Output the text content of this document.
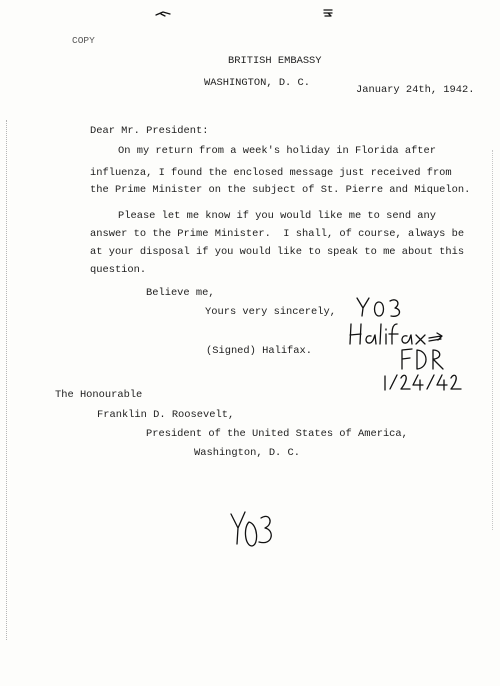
COPY
BRITISH EMBASSY
WASHINGTON, D. C.
January 24th, 1942.
Dear Mr. President:
On my return from a week's holiday in Florida after
influenza, I found the enclosed message just received from
the Prime Minister on the subject of St. Pierre and Miquelon.
Please let me know if you would like me to send any
answer to the Prime Minister.  I shall, of course, always be
at your disposal if you would like to speak to me about this
question.
Believe me,
Yours very sincerely,
(Signed) Halifax.
The Honourable
Franklin D. Roosevelt,
President of the United States of America,
Washington, D. C.
